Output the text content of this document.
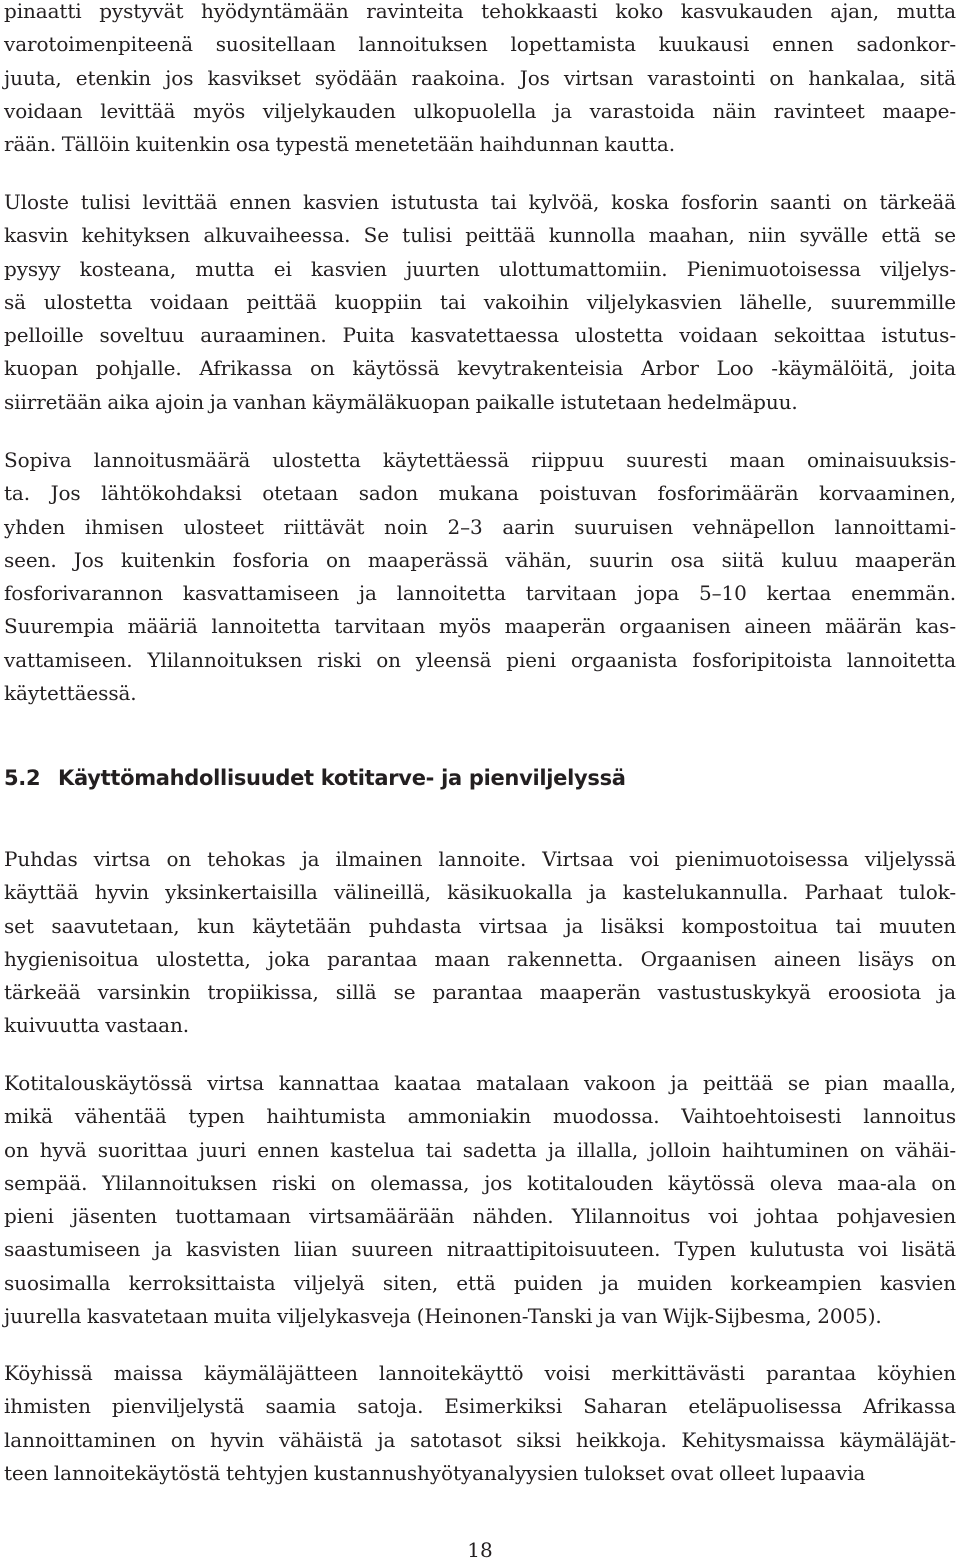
pinaatti pystyvät hyödyntämään ravinteita tehokkaasti koko kasvukauden ajan, mutta
varotoimenpiteenä suositellaan lannoituksen lopettamista kuukausi ennen sadonkor-
juuta, etenkin jos kasvikset syödään raakoina. Jos virtsan varastointi on hankalaa, sitä
voidaan levittää myös viljelykauden ulkopuolella ja varastoida näin ravinteet maape-
rään. Tällöin kuitenkin osa typestä menetetään haihdunnan kautta.
Uloste tulisi levittää ennen kasvien istutusta tai kylvöä, koska fosforin saanti on tärkeää
kasvin kehityksen alkuvaiheessa. Se tulisi peittää kunnolla maahan, niin syvälle että se
pysyy kosteana, mutta ei kasvien juurten ulottumattomiin. Pienimuotoisessa viljelys-
sä ulostetta voidaan peittää kuoppiin tai vakoihin viljelykasvien lähelle, suuremmille
pelloille soveltuu auraaminen. Puita kasvatettaessa ulostetta voidaan sekoittaa istutus-
kuopan pohjalle. Afrikassa on käytössä kevytrakenteisia Arbor Loo -käymälöitä, joita
siirretään aika ajoin ja vanhan käymäläkuopan paikalle istutetaan hedelmäpuu.
Sopiva lannoitusmäärä ulostetta käytettäessä riippuu suuresti maan ominaisuuksis-
ta. Jos lähtökohdaksi otetaan sadon mukana poistuvan fosforimäärän korvaaminen,
yhden ihmisen ulosteet riittävät noin 2–3 aarin suuruisen vehnäpellon lannoittami-
seen. Jos kuitenkin fosforia on maaperässä vähän, suurin osa siitä kuluu maaperän
fosforivarannon kasvattamiseen ja lannoitetta tarvitaan jopa 5–10 kertaa enemmän.
Suurempia määriä lannoitetta tarvitaan myös maaperän orgaanisen aineen määrän kas-
vattamiseen. Ylilannoituksen riski on yleensä pieni orgaanista fosforipitoista lannoitetta
käytettäessä.
5.2 Käyttömahdollisuudet kotitarve- ja pienviljelyssä
Puhdas virtsa on tehokas ja ilmainen lannoite. Virtsaa voi pienimuotoisessa viljelyssä
käyttää hyvin yksinkertaisilla välineillä, käsikuokalla ja kastelukannulla. Parhaat tulok-
set saavutetaan, kun käytetään puhdasta virtsaa ja lisäksi kompostoitua tai muuten
hygienisoitua ulostetta, joka parantaa maan rakennetta. Orgaanisen aineen lisäys on
tärkeää varsinkin tropiikissa, sillä se parantaa maaperän vastustuskykyä eroosiota ja
kuivuutta vastaan.
Kotitalouskäytössä virtsa kannattaa kaataa matalaan vakoon ja peittää se pian maalla,
mikä vähentää typen haihtumista ammoniakin muodossa. Vaihtoehtoisesti lannoitus
on hyvä suorittaa juuri ennen kastelua tai sadetta ja illalla, jolloin haihtuminen on vähäi-
sempää. Ylilannoituksen riski on olemassa, jos kotitalouden käytössä oleva maa-ala on
pieni jäsenten tuottamaan virtsamäärään nähden. Ylilannoitus voi johtaa pohjavesien
saastumiseen ja kasvisten liian suureen nitraattipitoisuuteen. Typen kulutusta voi lisätä
suosimalla kerroksittaista viljelyä siten, että puiden ja muiden korkeampien kasvien
juurella kasvatetaan muita viljelykasveja (Heinonen-Tanski ja van Wijk-Sijbesma, 2005).
Köyhissä maissa käymäläjätteen lannoitekäyttö voisi merkittävästi parantaa köyhien
ihmisten pienviljelystä saamia satoja. Esimerkiksi Saharan eteläpuolisessa Afrikassa
lannoittaminen on hyvin vähäistä ja satotasot siksi heikkoja. Kehitysmaissa käymäläjät-
teen lannoitekäytöstä tehtyjen kustannushyötyanalyysien tulokset ovat olleet lupaavia
18
